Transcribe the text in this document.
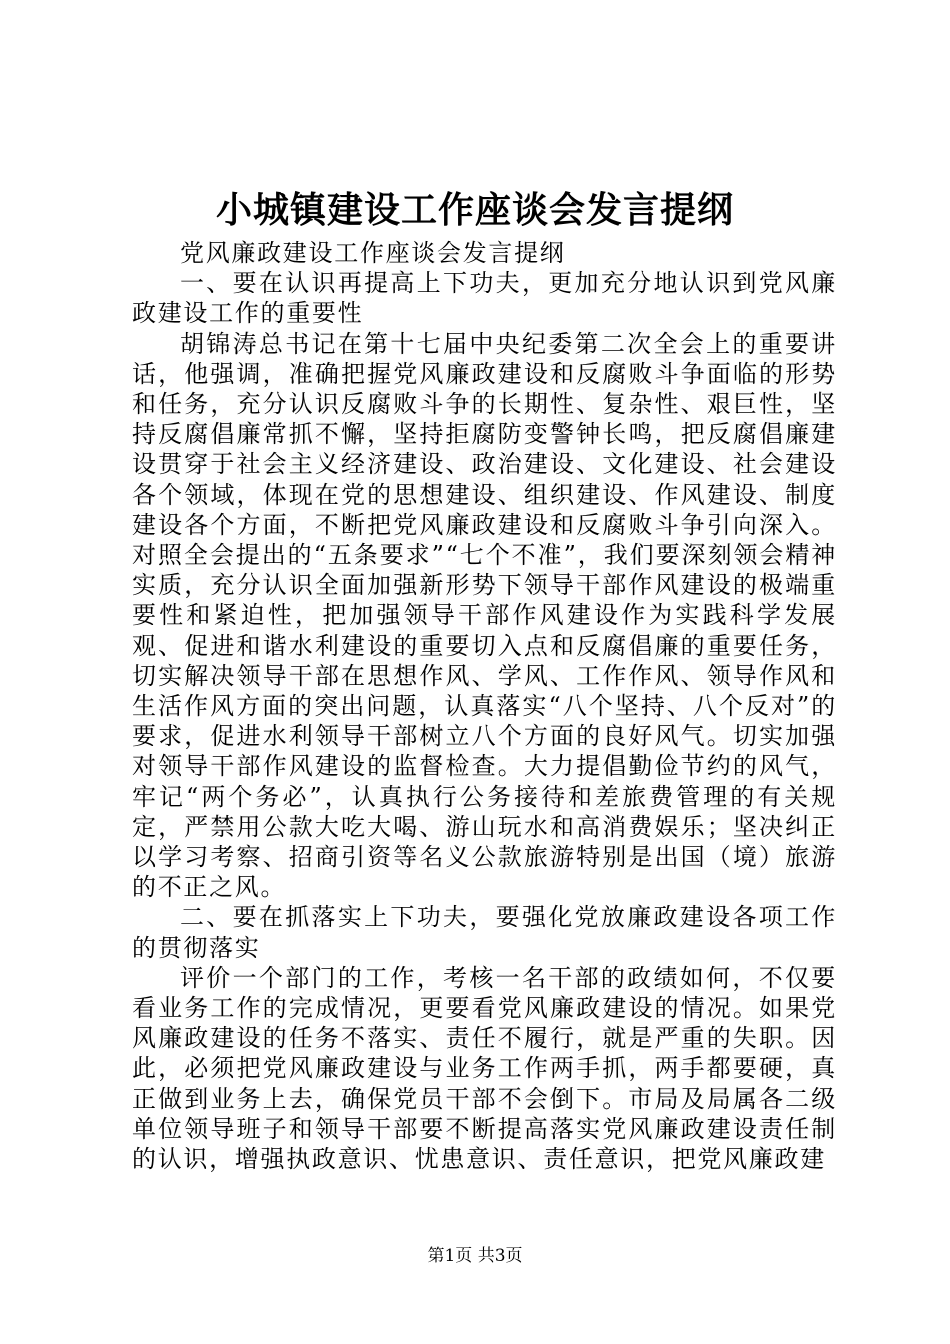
小城镇建设工作座谈会发言提纲

党风廉政建设工作座谈会发言提纲

一、要在认识再提高上下功夫，更加充分地认识到党风廉政建设工作的重要性

胡锦涛总书记在第十七届中央纪委第二次全会上的重要讲话，他强调，准确把握党风廉政建设和反腐败斗争面临的形势和任务，充分认识反腐败斗争的长期性、复杂性、艰巨性，坚持反腐倡廉常抓不懈，坚持拒腐防变警钟长鸣，把反腐倡廉建设贯穿于社会主义经济建设、政治建设、文化建设、社会建设各个领域，体现在党的思想建设、组织建设、作风建设、制度建设各个方面，不断把党风廉政建设和反腐败斗争引向深入。对照全会提出的“五条要求”“七个不准”，我们要深刻领会精神实质，充分认识全面加强新形势下领导干部作风建设的极端重要性和紧迫性，把加强领导干部作风建设作为实践科学发展观、促进和谐水利建设的重要切入点和反腐倡廉的重要任务，切实解决领导干部在思想作风、学风、工作作风、领导作风和生活作风方面的突出问题，认真落实“八个坚持、八个反对”的要求，促进水利领导干部树立八个方面的良好风气。切实加强对领导干部作风建设的监督检查。大力提倡勤俭节约的风气，牢记“两个务必”，认真执行公务接待和差旅费管理的有关规定，严禁用公款大吃大喝、游山玩水和高消费娱乐；坚决纠正以学习考察、招商引资等名义公款旅游特别是出国（境）旅游的不正之风。

二、要在抓落实上下功夫，要强化党放廉政建设各项工作的贯彻落实

评价一个部门的工作，考核一名干部的政绩如何，不仅要看业务工作的完成情况，更要看党风廉政建设的情况。如果党风廉政建设的任务不落实、责任不履行，就是严重的失职。因此，必须把党风廉政建设与业务工作两手抓，两手都要硬，真正做到业务上去，确保党员干部不会倒下。市局及局属各二级单位领导班子和领导干部要不断提高落实党风廉政建设责任制的认识，增强执政意识、忧患意识、责任意识，把党风廉政建

第1页 共3页
